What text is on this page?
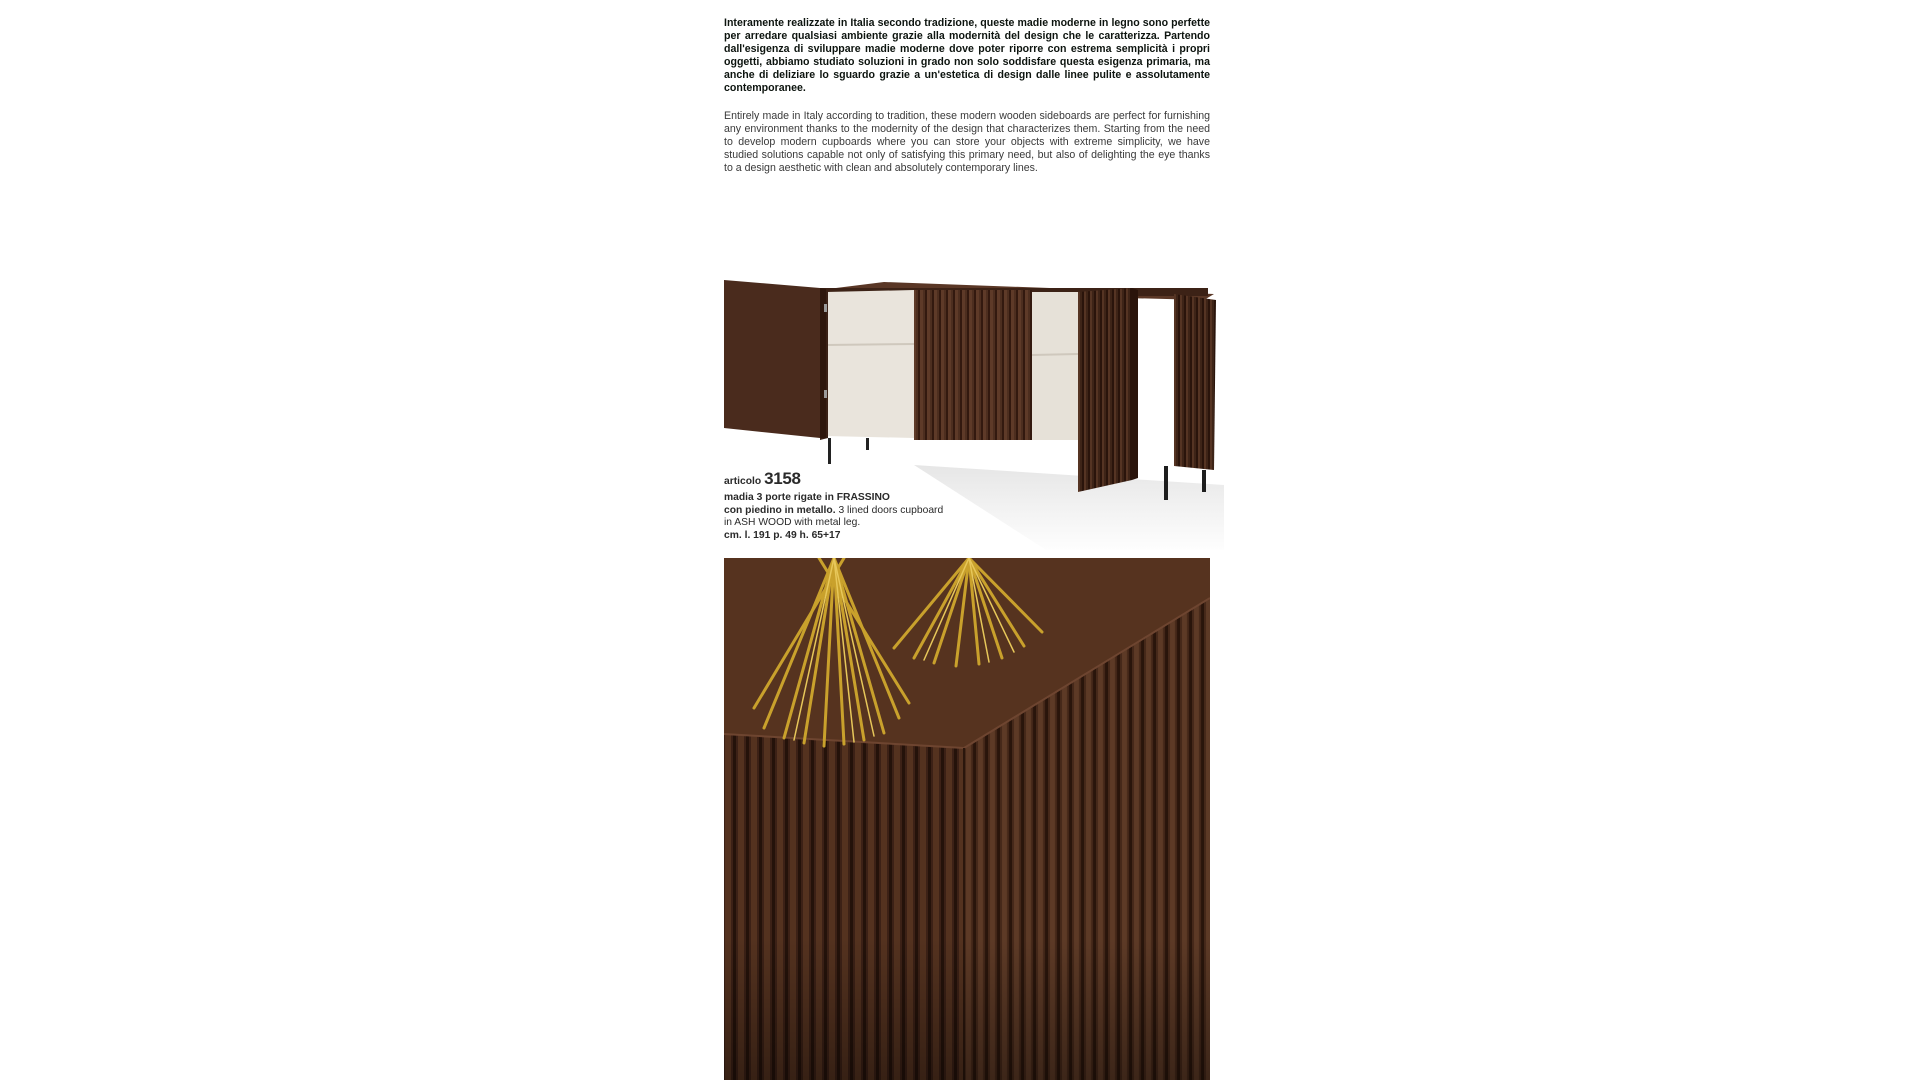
Interamente realizzate in Italia secondo tradizione, queste madie moderne in legno sono perfette per arredare qualsiasi ambiente grazie alla modernità del design che le caratterizza. Partendo dall'esigenza di sviluppare madie moderne dove poter riporre con estrema semplicità i propri oggetti, abbiamo studiato soluzioni in grado non solo soddisfare questa esigenza primaria, ma anche di deliziare lo sguardo grazie a un'estetica di design dalle linee pulite e assolutamente contemporanee.

Entirely made in Italy according to tradition, these modern wooden sideboards are perfect for furnishing any environment thanks to the modernity of the design that characterizes them. Starting from the need to develop modern cupboards where you can store your objects with extreme simplicity, we have studied solutions capable not only of satisfying this primary need, but also of delighting the eye thanks to a design aesthetic with clean and absolutely contemporary lines.

articolo 3158
madia 3 porte rigate in FRASSINO
con piedino in metallo. 3 lined doors cupboard
in ASH WOOD with metal leg.
cm. l. 191 p. 49 h. 65+17
